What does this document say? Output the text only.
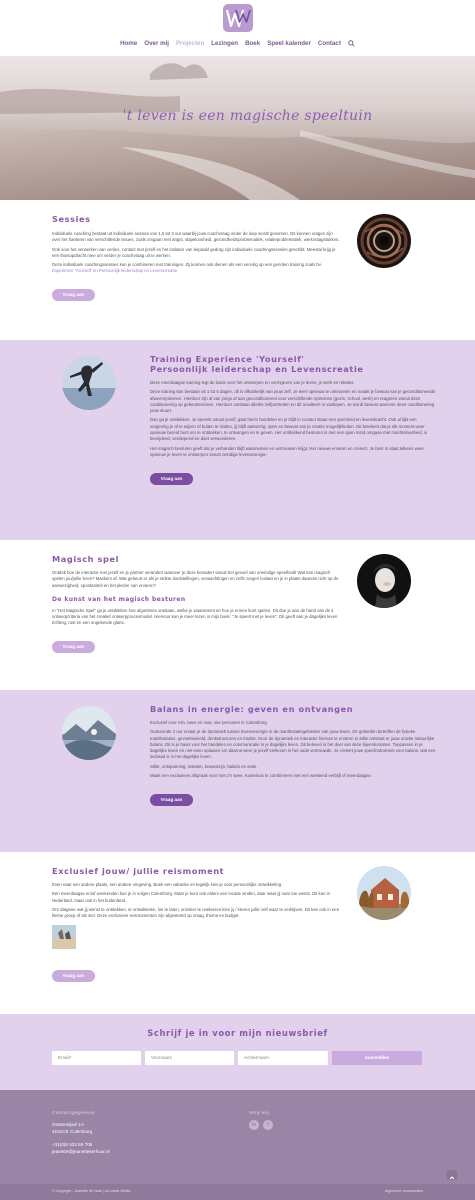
Home Over mij Projecten Lezingen Boek Speel kalender Contact
't leven is een magische speeltuin
Sessies
Individuele coaching bestaat uit individuele sessies van 1,5 tot 3 uur waarbij jouw coachvraag onder de loep wordt genomen. Dit kunnen vragen zijn over het hanteren van verschillende issues, zoals omgaan met angst, slapeloosheid, gezondheidsproblematiek, relatieproblematiek, werkvraagstukken.
Ook voor het verwerken van verlies, contact met jezelf en het loslaten van bepaald gedrag zijn individuele coachingssessies geschikt. Meestal krijg je een thuisopdracht mee om verder je coachvraag uit te werken.
Deze individuele coachingssessies kun je combineren met trainingen. Zij kunnen ook dienen als een vervolg op een genoten training zoals bv. Experience 'Yourself' en Persoonlijk leiderschap en Levenscreatie
Vraag aan
Training Experience 'Yourself'
Persoonlijk leiderschap en Levenscreatie
Deze meerdaagse training legt de basis voor het ontwerpen en vormgeven van je leven, je werk en relaties.
Deze training kan bestaan uit 1 tot 5 dagen, dit is afhankelijk van jouw zelf. Je leert opnieuw te ontmoeten en maakt je bewust van je geconditioneerde afweersystemen. Hierdoor zijn al van jongs af aan geconditioneerd voor verschillende systemen (gezin, school, werk) en reageren vanuit deze conditionering op gebeurtenissen. Hierdoor ontstaan allerlei zelfportretten en dit resulteert in vastlopen. Je wordt bewust wanneer deze conditionering jouw stuurt.
Dan ga je ontdekken. Je spreekt vanuit jezelf, gaat hierin handelen en je blijft in contact staan met openheid en levenskracht. Ook al lijkt een omgeving je af te wijzen of buiten te sluiten, jij blijft aanwezig, open en bewust van je creatie mogelijkheden. Dit betekent dat je elk moment weer opnieuw bereid bent om te ontdekken, te ontvangen en te geven. Het ontdekkend besturen is met een open mind omgaan met machteloosheid, is bevrijdend, verdiepend en doet verwonderen.
Het magisch besturen geeft dat je verbanden blijft waarnemen en vertrouwen krijgt. Het nieuwe ervaren en creëert. Je bent in staat telkens weer opnieuw je leven te ontwerpen vanuit zeindige levensenergie.
Vraag aan
Magisch spel
Ontdek hoe de interactie met jezelf en je partner verandert wanneer je deze benadert vanuit het gevoel van oneindige speelheid! Wat kan magisch spelen jou/jullie leren? Maskers af. Wat gebeurt er als je strikte doelstellingen, verwachtingen en zelfs zorgen loslaat en je in plaats daarvan richt op de aanwezigheid, spontaniteit en het plezier van ervaren?
De kunst van het magisch besturen
In "Het Magische Spel" ga je ontdekken hoe algoritmes ontstaan, welke je waarneemt en hoe je ermee kunt spelen. Dit doe je aan de hand van de 4 ontwerpcriteria van het creatief ontwerpprocesmodel. Hiervoor kun je meer lezen in mijn boek: "Je speelt met je leven". Dit geeft aan je dagelijks leven richting, rust en een ongekende glans.
Vraag aan
Balans in energie: geven en ontvangen
Exclusief voor min. twee en max. vier personen in Culemborg
Gedurende 2 uur ervaar je de dynamiek tussen levensenergie in de manifestatiegebieden van jouw leven. De gebieden betreffen de fysieke manifestaties, gevoelswereld, denkstructuren en intuïtie. Door de dynamiek en interactie hiervan te ervaren in stilte ontstaat er jouw unieke natuurlijke balans. Dit is je basis voor het handelen en communicatie in je dagelijks leven. Dit beleven is het doel van deze bijeenkomsten. Toepassen in je dagelijks leven en niet even oplaaien om daarna weer je jezelf verliezen in het oude vertrouwde. Je creëert jouw speelinstrument voor balans, wat een leidraad is in het dagelijks leven.
Stilte, ontspanning, loslaten, bewustzijn, balans en actie.
Maak een exclusieve afspraak voor met z'n twee. Kosteloos te combineren met een weekend verblijf of meerdaagse.
Vraag aan
Exclusief jouw/ jullie reismoment
Even naar een andere plaats, een andere omgeving. Boek een vakantie en tegelijk kies je voor persoonlijke ontwikkeling.
Een meerdaagse en/of weekenden kun je in volgen Culemborg. Maar je kunt ook elders een locatie vinden, daar waar jij naar toe wenst. Dit kan in Nederland, maar ook in het buitenland.
Om datgene wat jij wenst te ontdekken, te ontwikkelen, los te laten, onzeker te realiseren kies jij / kiezen jullie zelf waar te verblijven. Dit kan ook in een kleine groep of als stel. Deze exclusieve reismomenten zijn afgestemd op vraag, thema en budget.
Vraag aan
Schrijf je in voor mijn nieuwsbrief
Email*	Voornaam	Achternaam	Aanmelden
Contactgegevens
Oosterwijsel 1A
4101CE Culemborg
+31(0)6 533 58 705
jeanette@jeanettekerhuur.nl
Volg mij
in	f
© Copyright - Jeanette de Haar | c/o Jadar Media	Algemene voorwaarden
